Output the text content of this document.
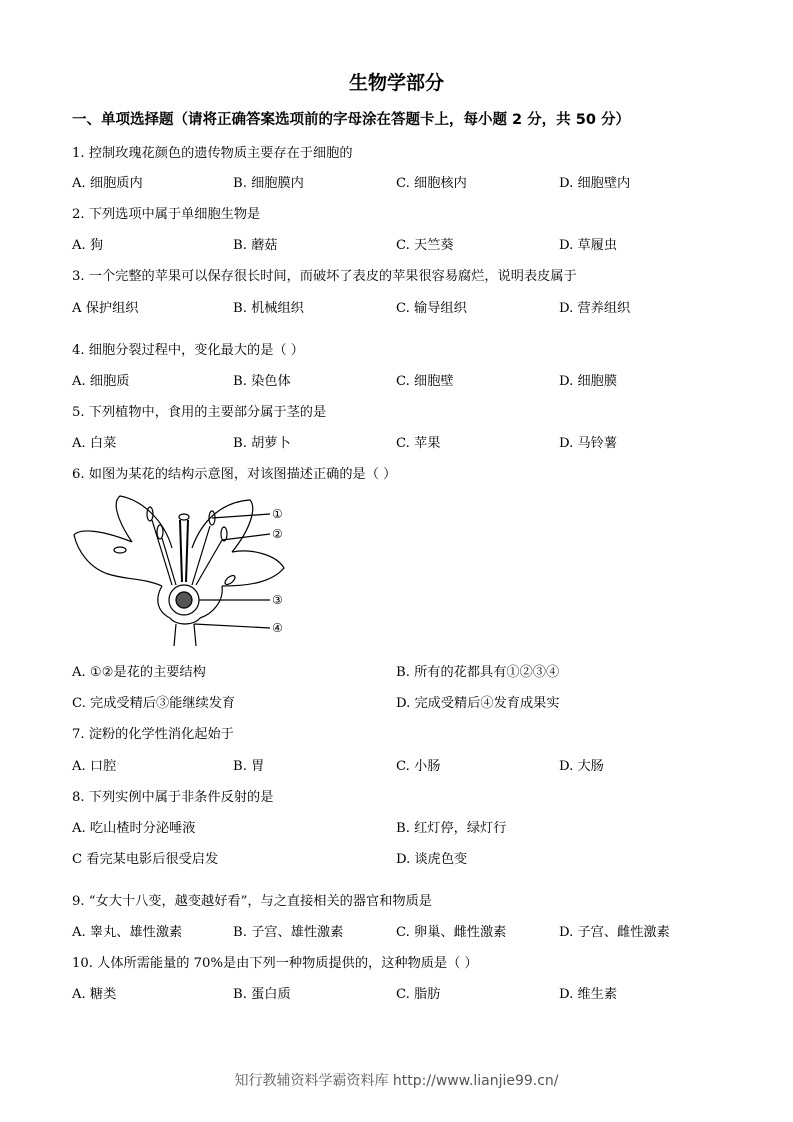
生物学部分
一、单项选择题（请将正确答案选项前的字母涂在答题卡上，每小题 2 分，共 50 分）
1. 控制玫瑰花颜色的遗传物质主要存在于细胞的
A. 细胞质内	B. 细胞膜内	C. 细胞核内	D. 细胞壁内
2. 下列选项中属于单细胞生物是
A. 狗	B. 蘑菇	C. 天竺葵	D. 草履虫
3. 一个完整的苹果可以保存很长时间，而破坏了表皮的苹果很容易腐烂，说明表皮属于
A 保护组织	B. 机械组织	C. 输导组织	D. 营养组织
4. 细胞分裂过程中，变化最大的是（ ）
A. 细胞质	B. 染色体	C. 细胞壁	D. 细胞膜
5. 下列植物中，食用的主要部分属于茎的是
A. 白菜	B. 胡萝卜	C. 苹果	D. 马铃薯
6. 如图为某花的结构示意图，对该图描述正确的是（ ）
①
②
③
④
A. ①②是花的主要结构	B. 所有的花都具有①②③④
C. 完成受精后③能继续发育	D. 完成受精后④发育成果实
7. 淀粉的化学性消化起始于
A. 口腔	B. 胃	C. 小肠	D. 大肠
8. 下列实例中属于非条件反射的是
A. 吃山楂时分泌唾液	B. 红灯停，绿灯行
C 看完某电影后很受启发	D. 谈虎色变
9. “女大十八变，越变越好看”，与之直接相关的器官和物质是
A. 睾丸、雄性激素	B. 子宫、雄性激素	C. 卵巢、雌性激素	D. 子宫、雌性激素
10. 人体所需能量的 70%是由下列一种物质提供的，这种物质是（ ）
A. 糖类	B. 蛋白质	C. 脂肪	D. 维生素
知行教辅资料学霸资料库 http://www.lianjie99.cn/
